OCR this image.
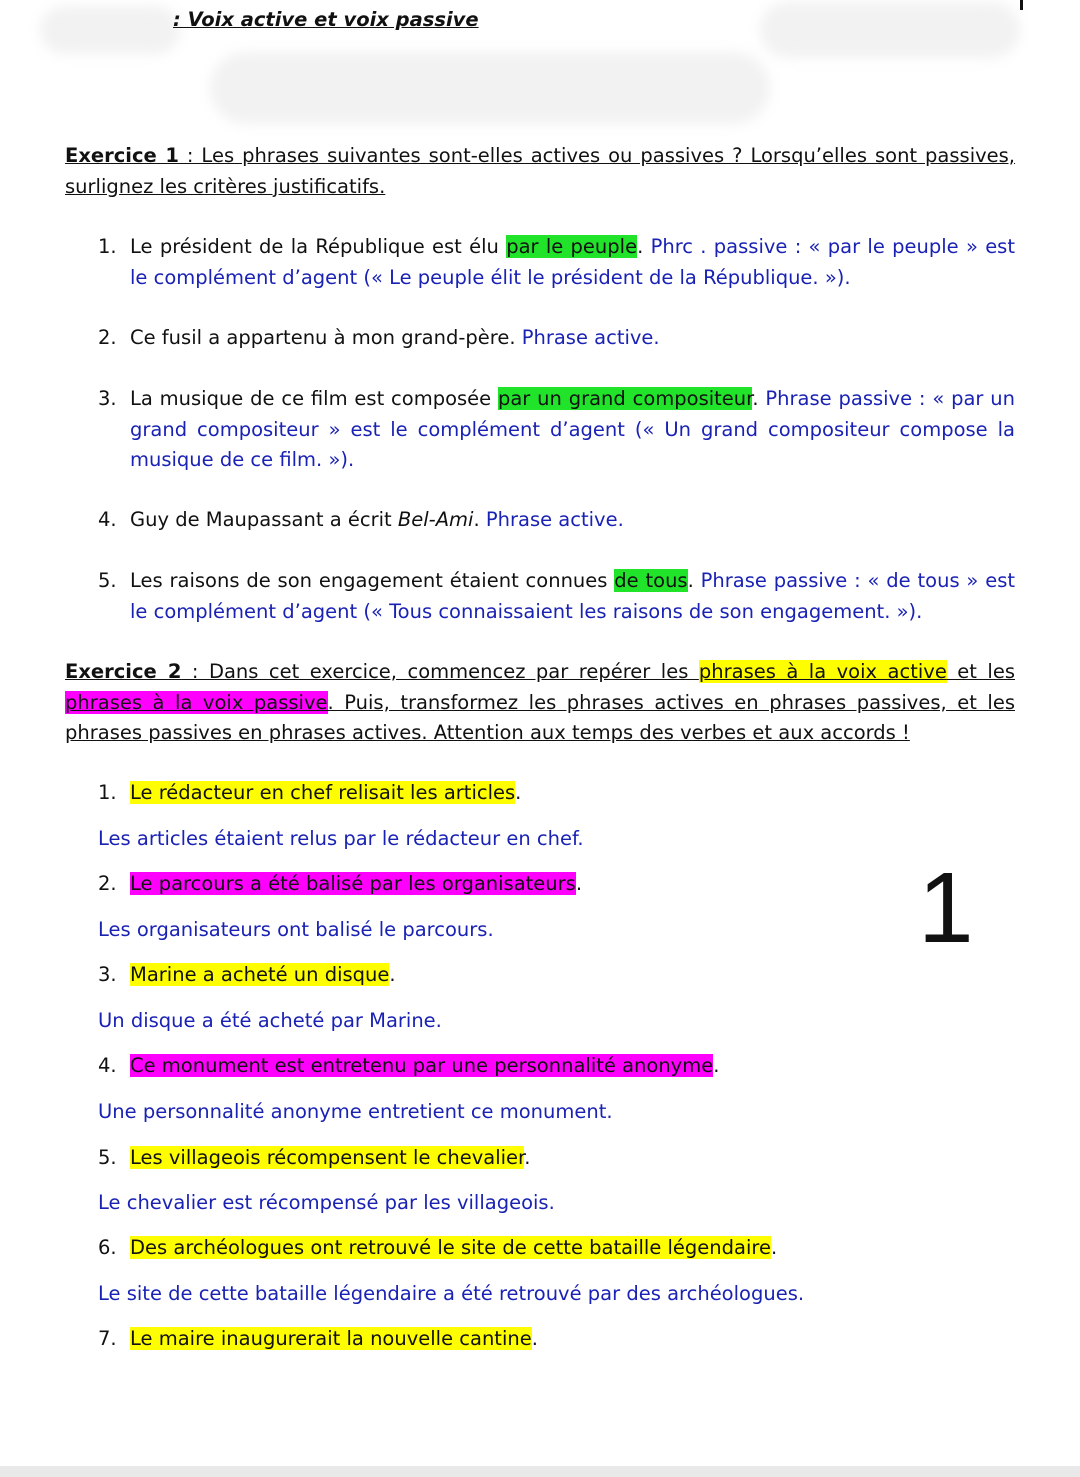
: Voix active et voix passive
Exercice 1 : Les phrases suivantes sont-elles actives ou passives ? Lorsqu’elles sont passives, surlignez les critères justificatifs.
1. Le président de la République est élu par le peuple. Phrc . passive : « par le peuple » est le complément d’agent (« Le peuple élit le président de la République. »).
2. Ce fusil a appartenu à mon grand-père. Phrase active.
3. La musique de ce film est composée par un grand compositeur. Phrase passive : « par un grand compositeur » est le complément d’agent (« Un grand compositeur compose la musique de ce film. »).
4. Guy de Maupassant a écrit Bel-Ami. Phrase active.
5. Les raisons de son engagement étaient connues de tous. Phrase passive : « de tous » est le complément d’agent (« Tous connaissaient les raisons de son engagement. »).
Exercice 2 : Dans cet exercice, commencez par repérer les phrases à la voix active et les phrases à la voix passive. Puis, transformez les phrases actives en phrases passives, et les phrases passives en phrases actives. Attention aux temps des verbes et aux accords !
1. Le rédacteur en chef relisait les articles.
Les articles étaient relus par le rédacteur en chef.
2. Le parcours a été balisé par les organisateurs.
Les organisateurs ont balisé le parcours.
3. Marine a acheté un disque.
Un disque a été acheté par Marine.
4. Ce monument est entretenu par une personnalité anonyme.
Une personnalité anonyme entretient ce monument.
5. Les villageois récompensent le chevalier.
Le chevalier est récompensé par les villageois.
6. Des archéologues ont retrouvé le site de cette bataille légendaire.
Le site de cette bataille légendaire a été retrouvé par des archéologues.
7. Le maire inaugurerait la nouvelle cantine.
1
